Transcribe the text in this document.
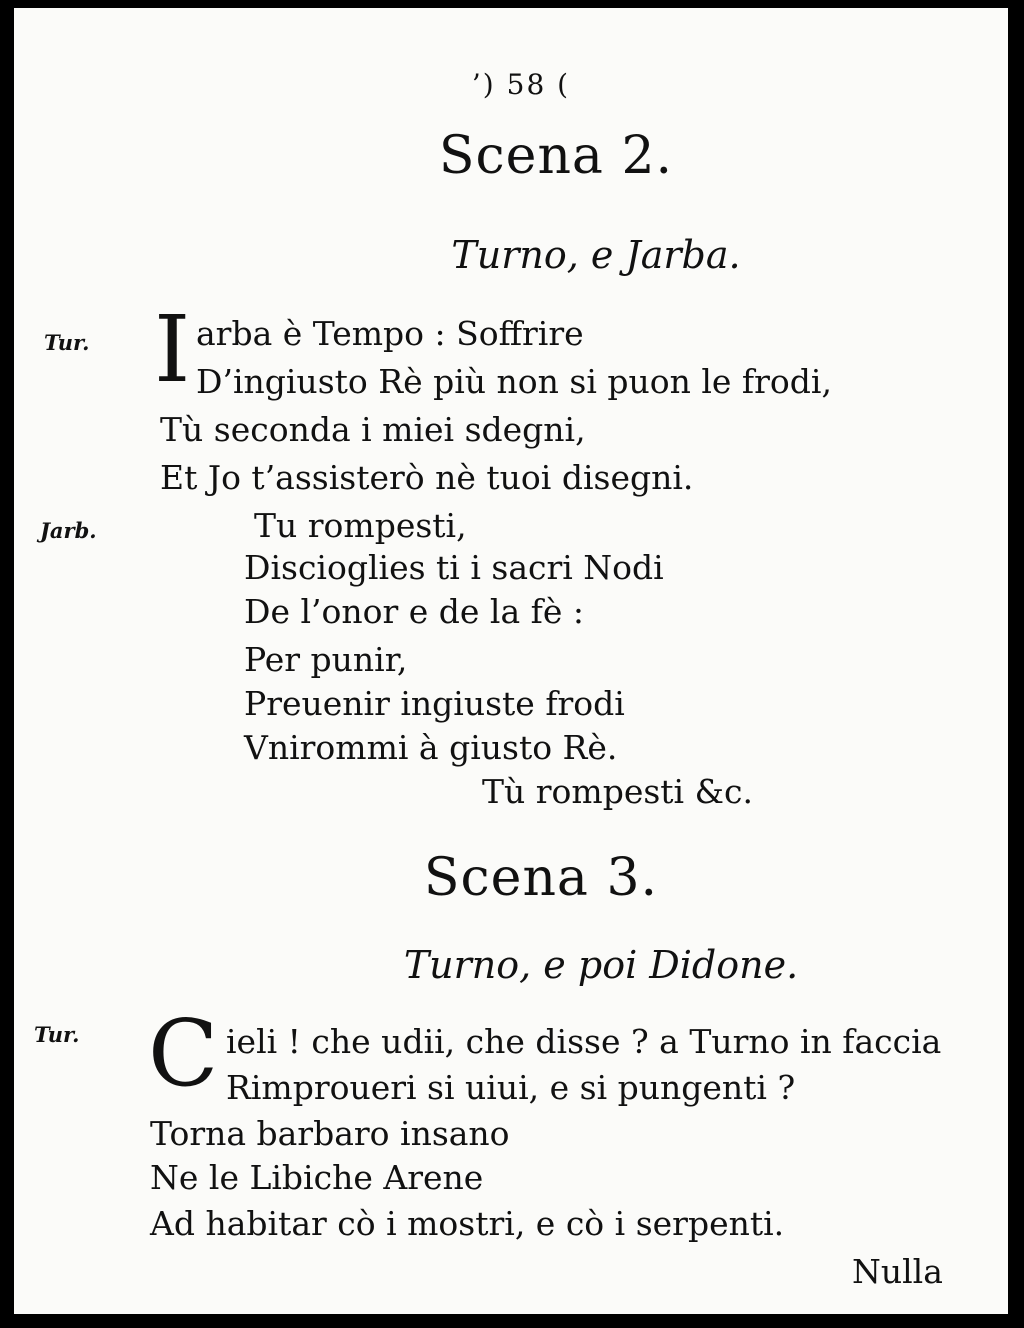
’) 58 (
Scena 2.
Turno, e Jarba.
Tur. I arba è Tempo : Soffrire
D’ingiusto Rè più non si puon le frodi,
Tù seconda i miei sdegni,
Et Jo t’assisterò nè tuoi disegni.
Jarb.	Tu rompesti,
Discioglies ti i sacri Nodi
De l’onor e de la fè :
Per punir,
Preuenir ingiuste frodi
Vnirommi à giusto Rè.
Tù rompesti &c.
Scena 3.
Turno, e poi Didone.
Tur. C ieli ! che udii, che disse ? a Turno in faccia
Rimproueri si uiui, e si pungenti ?
Torna barbaro insano
Ne le Libiche Arene
Ad habitar cò i mostri, e cò i serpenti.
Nulla
